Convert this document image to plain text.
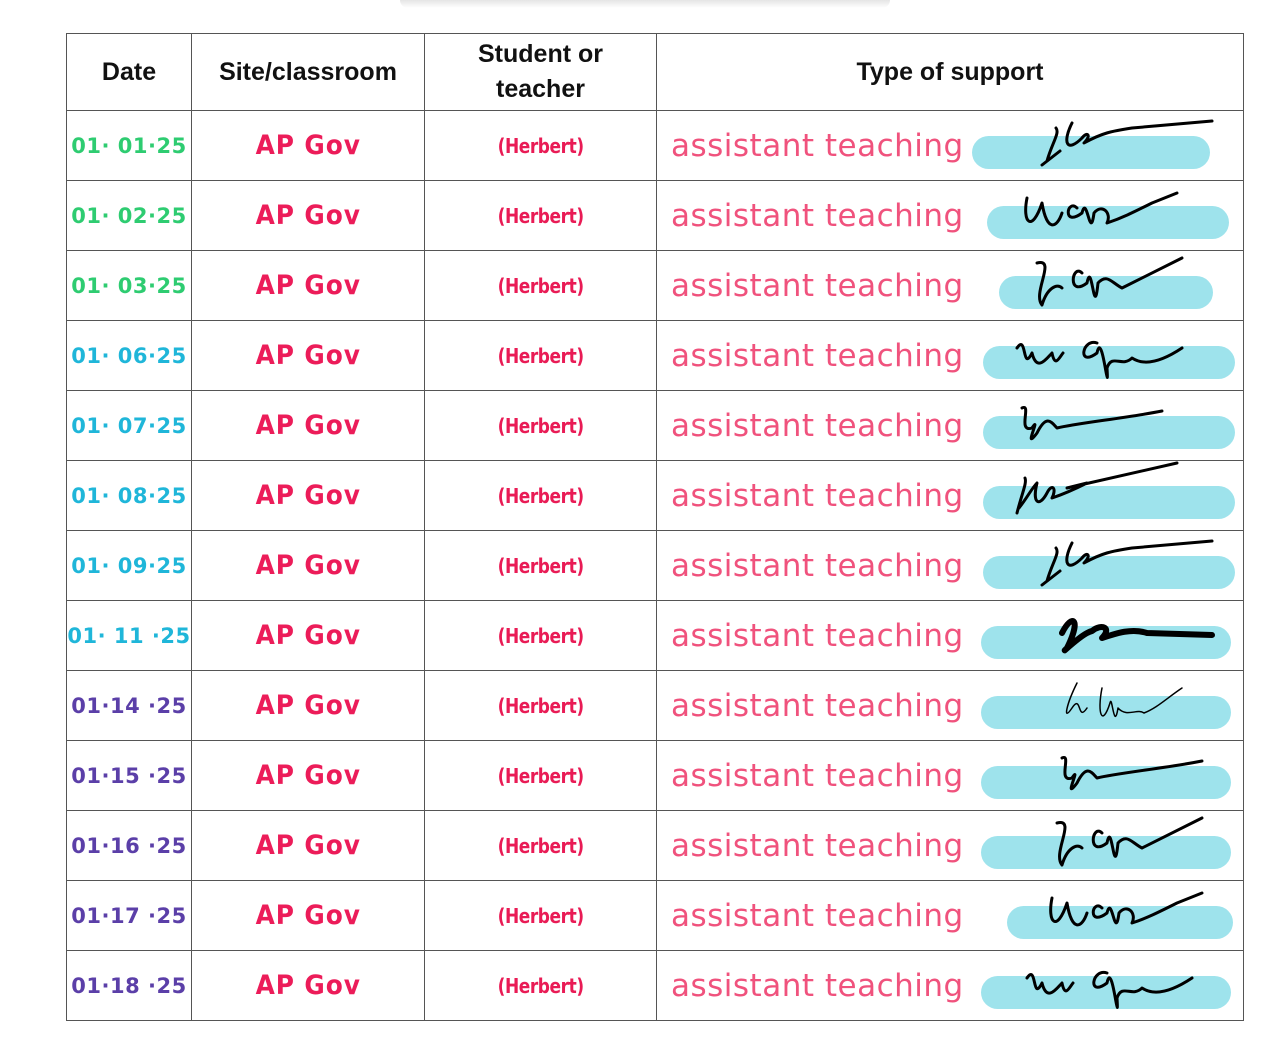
Date	Site/classroom	Student or teacher	Type of support
01· 01·25	AP Gov	(Herbert)	assistant teaching

01· 02·25	AP Gov	(Herbert)	assistant teaching

01· 03·25	AP Gov	(Herbert)	assistant teaching

01· 06·25	AP Gov	(Herbert)	assistant teaching

01· 07·25	AP Gov	(Herbert)	assistant teaching

01· 08·25	AP Gov	(Herbert)	assistant teaching

01· 09·25	AP Gov	(Herbert)	assistant teaching

01· 11 ·25	AP Gov	(Herbert)	assistant teaching

01·14 ·25	AP Gov	(Herbert)	assistant teaching

01·15 ·25	AP Gov	(Herbert)	assistant teaching

01·16 ·25	AP Gov	(Herbert)	assistant teaching

01·17 ·25	AP Gov	(Herbert)	assistant teaching

01·18 ·25	AP Gov	(Herbert)	assistant teaching
